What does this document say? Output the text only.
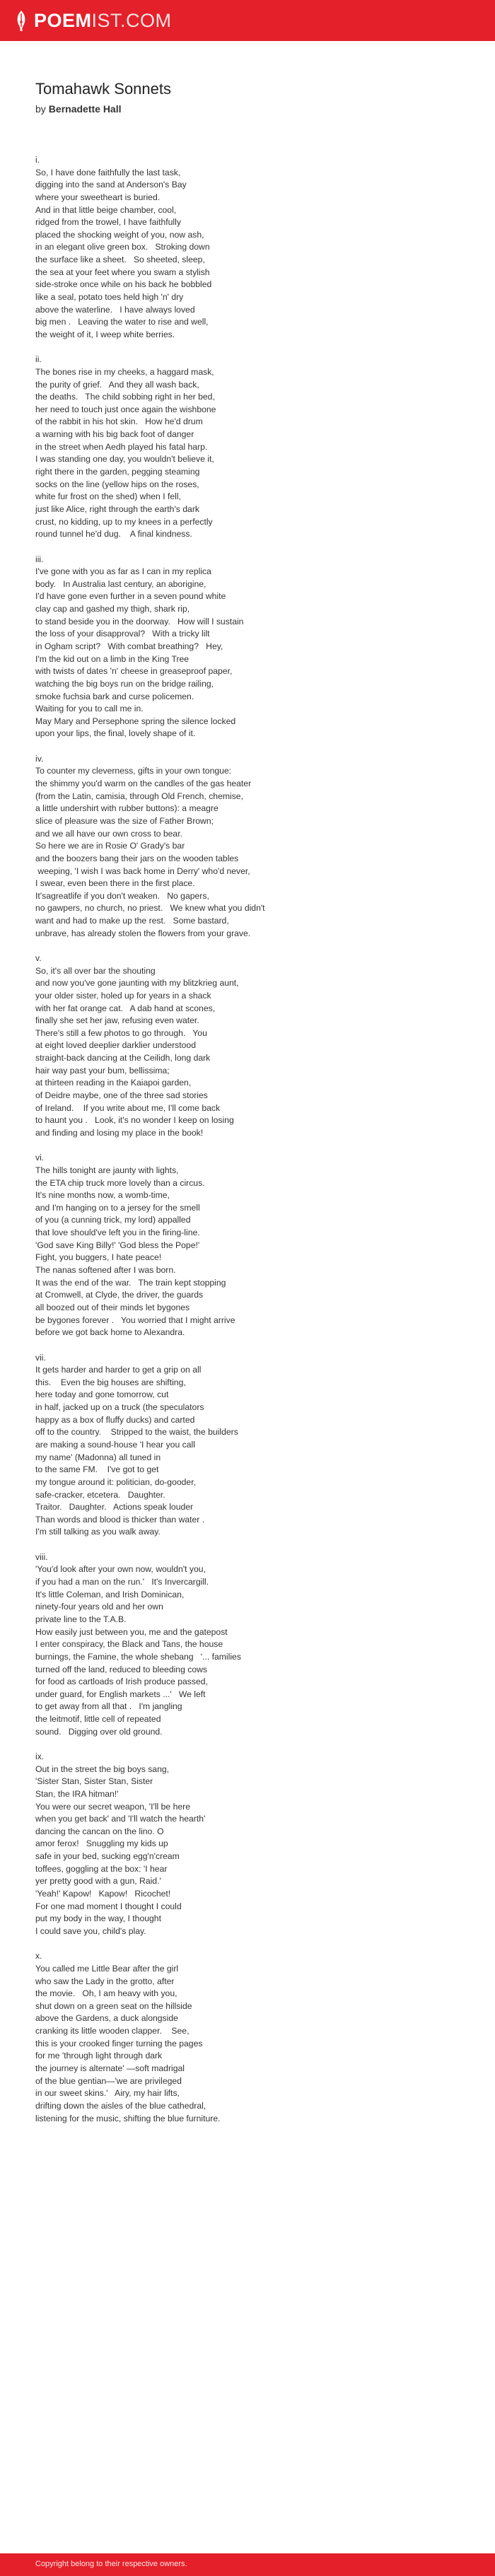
POEMIST.COM
Tomahawk Sonnets
by Bernadette Hall
i.
So, I have done faithfully the last task,
digging into the sand at Anderson's Bay
where your sweetheart is buried.
And in that little beige chamber, cool,
ridged from the trowel, I have faithfully
placed the shocking weight of you, now ash,
in an elegant olive green box.   Stroking down
the surface like a sheet.   So sheeted, sleep,
the sea at your feet where you swam a stylish
side-stroke once while on his back he bobbled
like a seal, potato toes held high 'n' dry
above the waterline.   I have always loved
big men .   Leaving the water to rise and well,
the weight of it, I weep white berries.
ii.
The bones rise in my cheeks, a haggard mask,
the purity of grief.   And they all wash back,
the deaths.   The child sobbing right in her bed,
her need to touch just once again the wishbone
of the rabbit in his hot skin.   How he'd drum
a warning with his big back foot of danger
in the street when Aedh played his fatal harp.
I was standing one day, you wouldn't believe it,
right there in the garden, pegging steaming
socks on the line (yellow hips on the roses,
white fur frost on the shed) when I fell,
just like Alice, right through the earth's dark
crust, no kidding, up to my knees in a perfectly
round tunnel he'd dug.    A final kindness.
iii.
I've gone with you as far as I can in my replica
body.   In Australia last century, an aborigine,
I'd have gone even further in a seven pound white
clay cap and gashed my thigh, shark rip,
to stand beside you in the doorway.   How will I sustain
the loss of your disapproval?   With a tricky lilt
in Ogham script?   With combat breathing?   Hey,
I'm the kid out on a limb in the King Tree
with twists of dates 'n' cheese in greaseproof paper,
watching the big boys run on the bridge railing,
smoke fuchsia bark and curse policemen.
Waiting for you to call me in.
May Mary and Persephone spring the silence locked
upon your lips, the final, lovely shape of it.
iv.
To counter my cleverness, gifts in your own tongue:
the shimmy you'd warm on the candles of the gas heater
(from the Latin, camisia, through Old French, chemise,
a little undershirt with rubber buttons): a meagre
slice of pleasure was the size of Father Brown;
and we all have our own cross to bear.
So here we are in Rosie O' Grady's bar
and the boozers bang their jars on the wooden tables
weeping, 'I wish I was back home in Derry' who'd never,
I swear, even been there in the first place.
It'sagreatlife if you don't weaken.   No gapers,
no gawpers, no church, no priest.   We knew what you didn't
want and had to make up the rest.   Some bastard,
unbrave, has already stolen the flowers from your grave.
v.
So, it's all over bar the shouting
and now you've gone jaunting with my blitzkrieg aunt,
your older sister, holed up for years in a shack
with her fat orange cat.   A dab hand at scones,
finally she set her jaw, refusing even water.
There's still a few photos to go through.   You
at eight loved deeplier darklier understood
straight-back dancing at the Ceilidh, long dark
hair way past your bum, bellissima;
at thirteen reading in the Kaiapoi garden,
of Deidre maybe, one of the three sad stories
of Ireland.    If you write about me, I'll come back
to haunt you .   Look, it's no wonder I keep on losing
and finding and losing my place in the book!
vi.
The hills tonight are jaunty with lights,
the ETA chip truck more lovely than a circus.
It's nine months now, a womb-time,
and I'm hanging on to a jersey for the smell
of you (a cunning trick, my lord) appalled
that love should've left you in the firing-line.
'God save King Billy!' 'God bless the Pope!'
Fight, you buggers, I hate peace!
The nanas softened after I was born.
It was the end of the war.   The train kept stopping
at Cromwell, at Clyde, the driver, the guards
all boozed out of their minds let bygones
be bygones forever .   You worried that I might arrive
before we got back home to Alexandra.
vii.
It gets harder and harder to get a grip on all
this.    Even the big houses are shifting,
here today and gone tomorrow, cut
in half, jacked up on a truck (the speculators
happy as a box of fluffy ducks) and carted
off to the country.    Stripped to the waist, the builders
are making a sound-house 'I hear you call
my name' (Madonna) all tuned in
to the same FM.    I've got to get
my tongue around it: politician, do-gooder,
safe-cracker, etcetera.   Daughter.
Traitor.   Daughter.   Actions speak louder
Than words and blood is thicker than water .
I'm still talking as you walk away.
viii.
'You'd look after your own now, wouldn't you,
if you had a man on the run.'   It's Invercargill.
It's little Coleman, and Irish Dominican,
ninety-four years old and her own
private line to the T.A.B.
How easily just between you, me and the gatepost
I enter conspiracy, the Black and Tans, the house
burnings, the Famine, the whole shebang   '... families
turned off the land, reduced to bleeding cows
for food as cartloads of Irish produce passed,
under guard, for English markets ...'   We left
to get away from all that .   I'm jangling
the leitmotif, little cell of repeated
sound.   Digging over old ground.
ix.
Out in the street the big boys sang,
'Sister Stan, Sister Stan, Sister
Stan, the IRA hitman!'
You were our secret weapon, 'I'll be here
when you get back' and 'I'll watch the hearth'
dancing the cancan on the lino. O
amor ferox!   Snuggling my kids up
safe in your bed, sucking egg'n'cream
toffees, goggling at the box: 'I hear
yer pretty good with a gun, Raid.'
'Yeah!' Kapow!   Kapow!   Ricochet!
For one mad moment I thought I could
put my body in the way, I thought
I could save you, child's play.
x.
You called me Little Bear after the girl
who saw the Lady in the grotto, after
the movie.   Oh, I am heavy with you,
shut down on a green seat on the hillside
above the Gardens, a duck alongside
cranking its little wooden clapper.    See,
this is your crooked finger turning the pages
for me 'through light through dark
the journey is alternate' —soft madrigal
of the blue gentian—'we are privileged
in our sweet skins.'   Airy, my hair lifts,
drifting down the aisles of the blue cathedral,
listening for the music, shifting the blue furniture.
Copyright belong to their respective owners.
